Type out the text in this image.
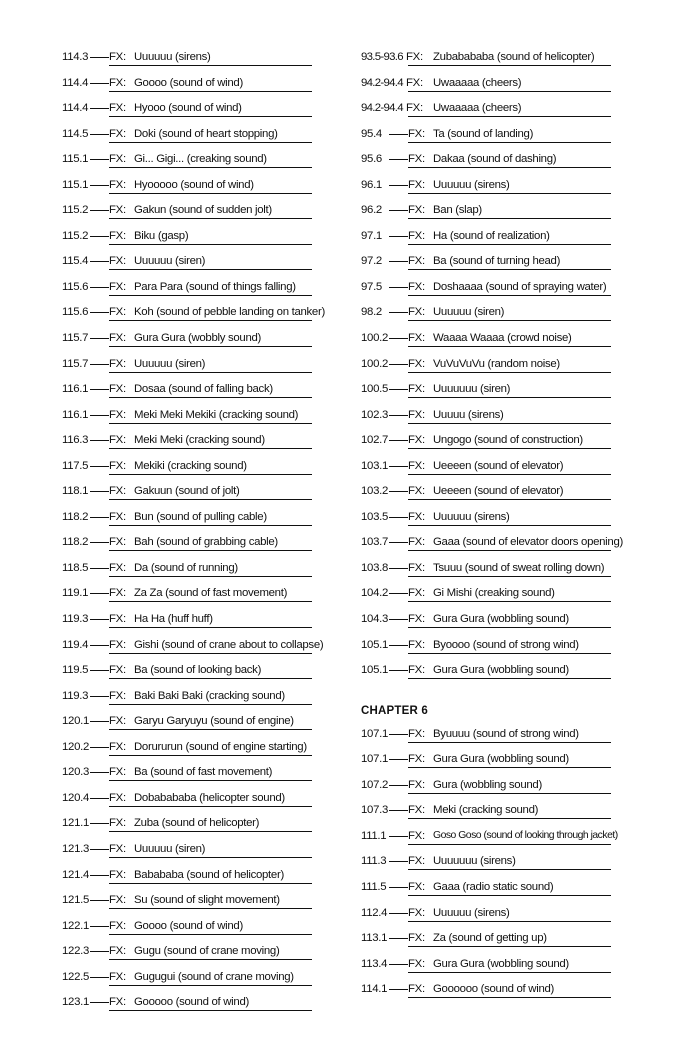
114.3 FX: Uuuuuu (sirens)
114.4 FX: Goooo (sound of wind)
114.4 FX: Hyooo (sound of wind)
114.5 FX: Doki (sound of heart stopping)
115.1 FX: Gi... Gigi... (creaking sound)
115.1 FX: Hyooooo (sound of wind)
115.2 FX: Gakun (sound of sudden jolt)
115.2 FX: Biku (gasp)
115.4 FX: Uuuuuu (siren)
115.6 FX: Para Para (sound of things falling)
115.6 FX: Koh (sound of pebble landing on tanker)
115.7 FX: Gura Gura (wobbly sound)
115.7 FX: Uuuuuu (siren)
116.1 FX: Dosaa (sound of falling back)
116.1 FX: Meki Meki Mekiki (cracking sound)
116.3 FX: Meki Meki (cracking sound)
117.5 FX: Mekiki (cracking sound)
118.1 FX: Gakuun (sound of jolt)
118.2 FX: Bun (sound of pulling cable)
118.2 FX: Bah (sound of grabbing cable)
118.5 FX: Da (sound of running)
119.1 FX: Za Za (sound of fast movement)
119.3 FX: Ha Ha (huff huff)
119.4 FX: Gishi (sound of crane about to collapse)
119.5 FX: Ba (sound of looking back)
119.3 FX: Baki Baki Baki (cracking sound)
120.1 FX: Garyu Garyuyu (sound of engine)
120.2 FX: Dorururun (sound of engine starting)
120.3 FX: Ba (sound of fast movement)
120.4 FX: Dobabababa (helicopter sound)
121.1 FX: Zuba (sound of helicopter)
121.3 FX: Uuuuuu (siren)
121.4 FX: Babababa (sound of helicopter)
121.5 FX: Su (sound of slight movement)
122.1 FX: Goooo (sound of wind)
122.3 FX: Gugu (sound of crane moving)
122.5 FX: Gugugui (sound of crane moving)
123.1 FX: Gooooo (sound of wind)
93.5-93.6 FX: Zubabababa (sound of helicopter)
94.2-94.4 FX: Uwaaaaa (cheers)
94.2-94.4 FX: Uwaaaaa (cheers)
95.4 FX: Ta (sound of landing)
95.6 FX: Dakaa (sound of dashing)
96.1 FX: Uuuuuu (sirens)
96.2 FX: Ban (slap)
97.1 FX: Ha (sound of realization)
97.2 FX: Ba (sound of turning head)
97.5 FX: Doshaaaa (sound of spraying water)
98.2 FX: Uuuuuu (siren)
100.2 FX: Waaaa Waaaa (crowd noise)
100.2 FX: VuVuVuVu (random noise)
100.5 FX: Uuuuuuu (siren)
102.3 FX: Uuuuu (sirens)
102.7 FX: Ungogo (sound of construction)
103.1 FX: Ueeeen (sound of elevator)
103.2 FX: Ueeeen (sound of elevator)
103.5 FX: Uuuuuu (sirens)
103.7 FX: Gaaa (sound of elevator doors opening)
103.8 FX: Tsuuu (sound of sweat rolling down)
104.2 FX: Gi Mishi (creaking sound)
104.3 FX: Gura Gura (wobbling sound)
105.1 FX: Byoooo (sound of strong wind)
105.1 FX: Gura Gura (wobbling sound)
CHAPTER 6
107.1 FX: Byuuuu (sound of strong wind)
107.1 FX: Gura Gura (wobbling sound)
107.2 FX: Gura (wobbling sound)
107.3 FX: Meki (cracking sound)
111.1 FX: Goso Goso (sound of looking through jacket)
111.3 FX: Uuuuuuu (sirens)
111.5 FX: Gaaa (radio static sound)
112.4 FX: Uuuuuu (sirens)
113.1 FX: Za (sound of getting up)
113.4 FX: Gura Gura (wobbling sound)
114.1 FX: Goooooo (sound of wind)
